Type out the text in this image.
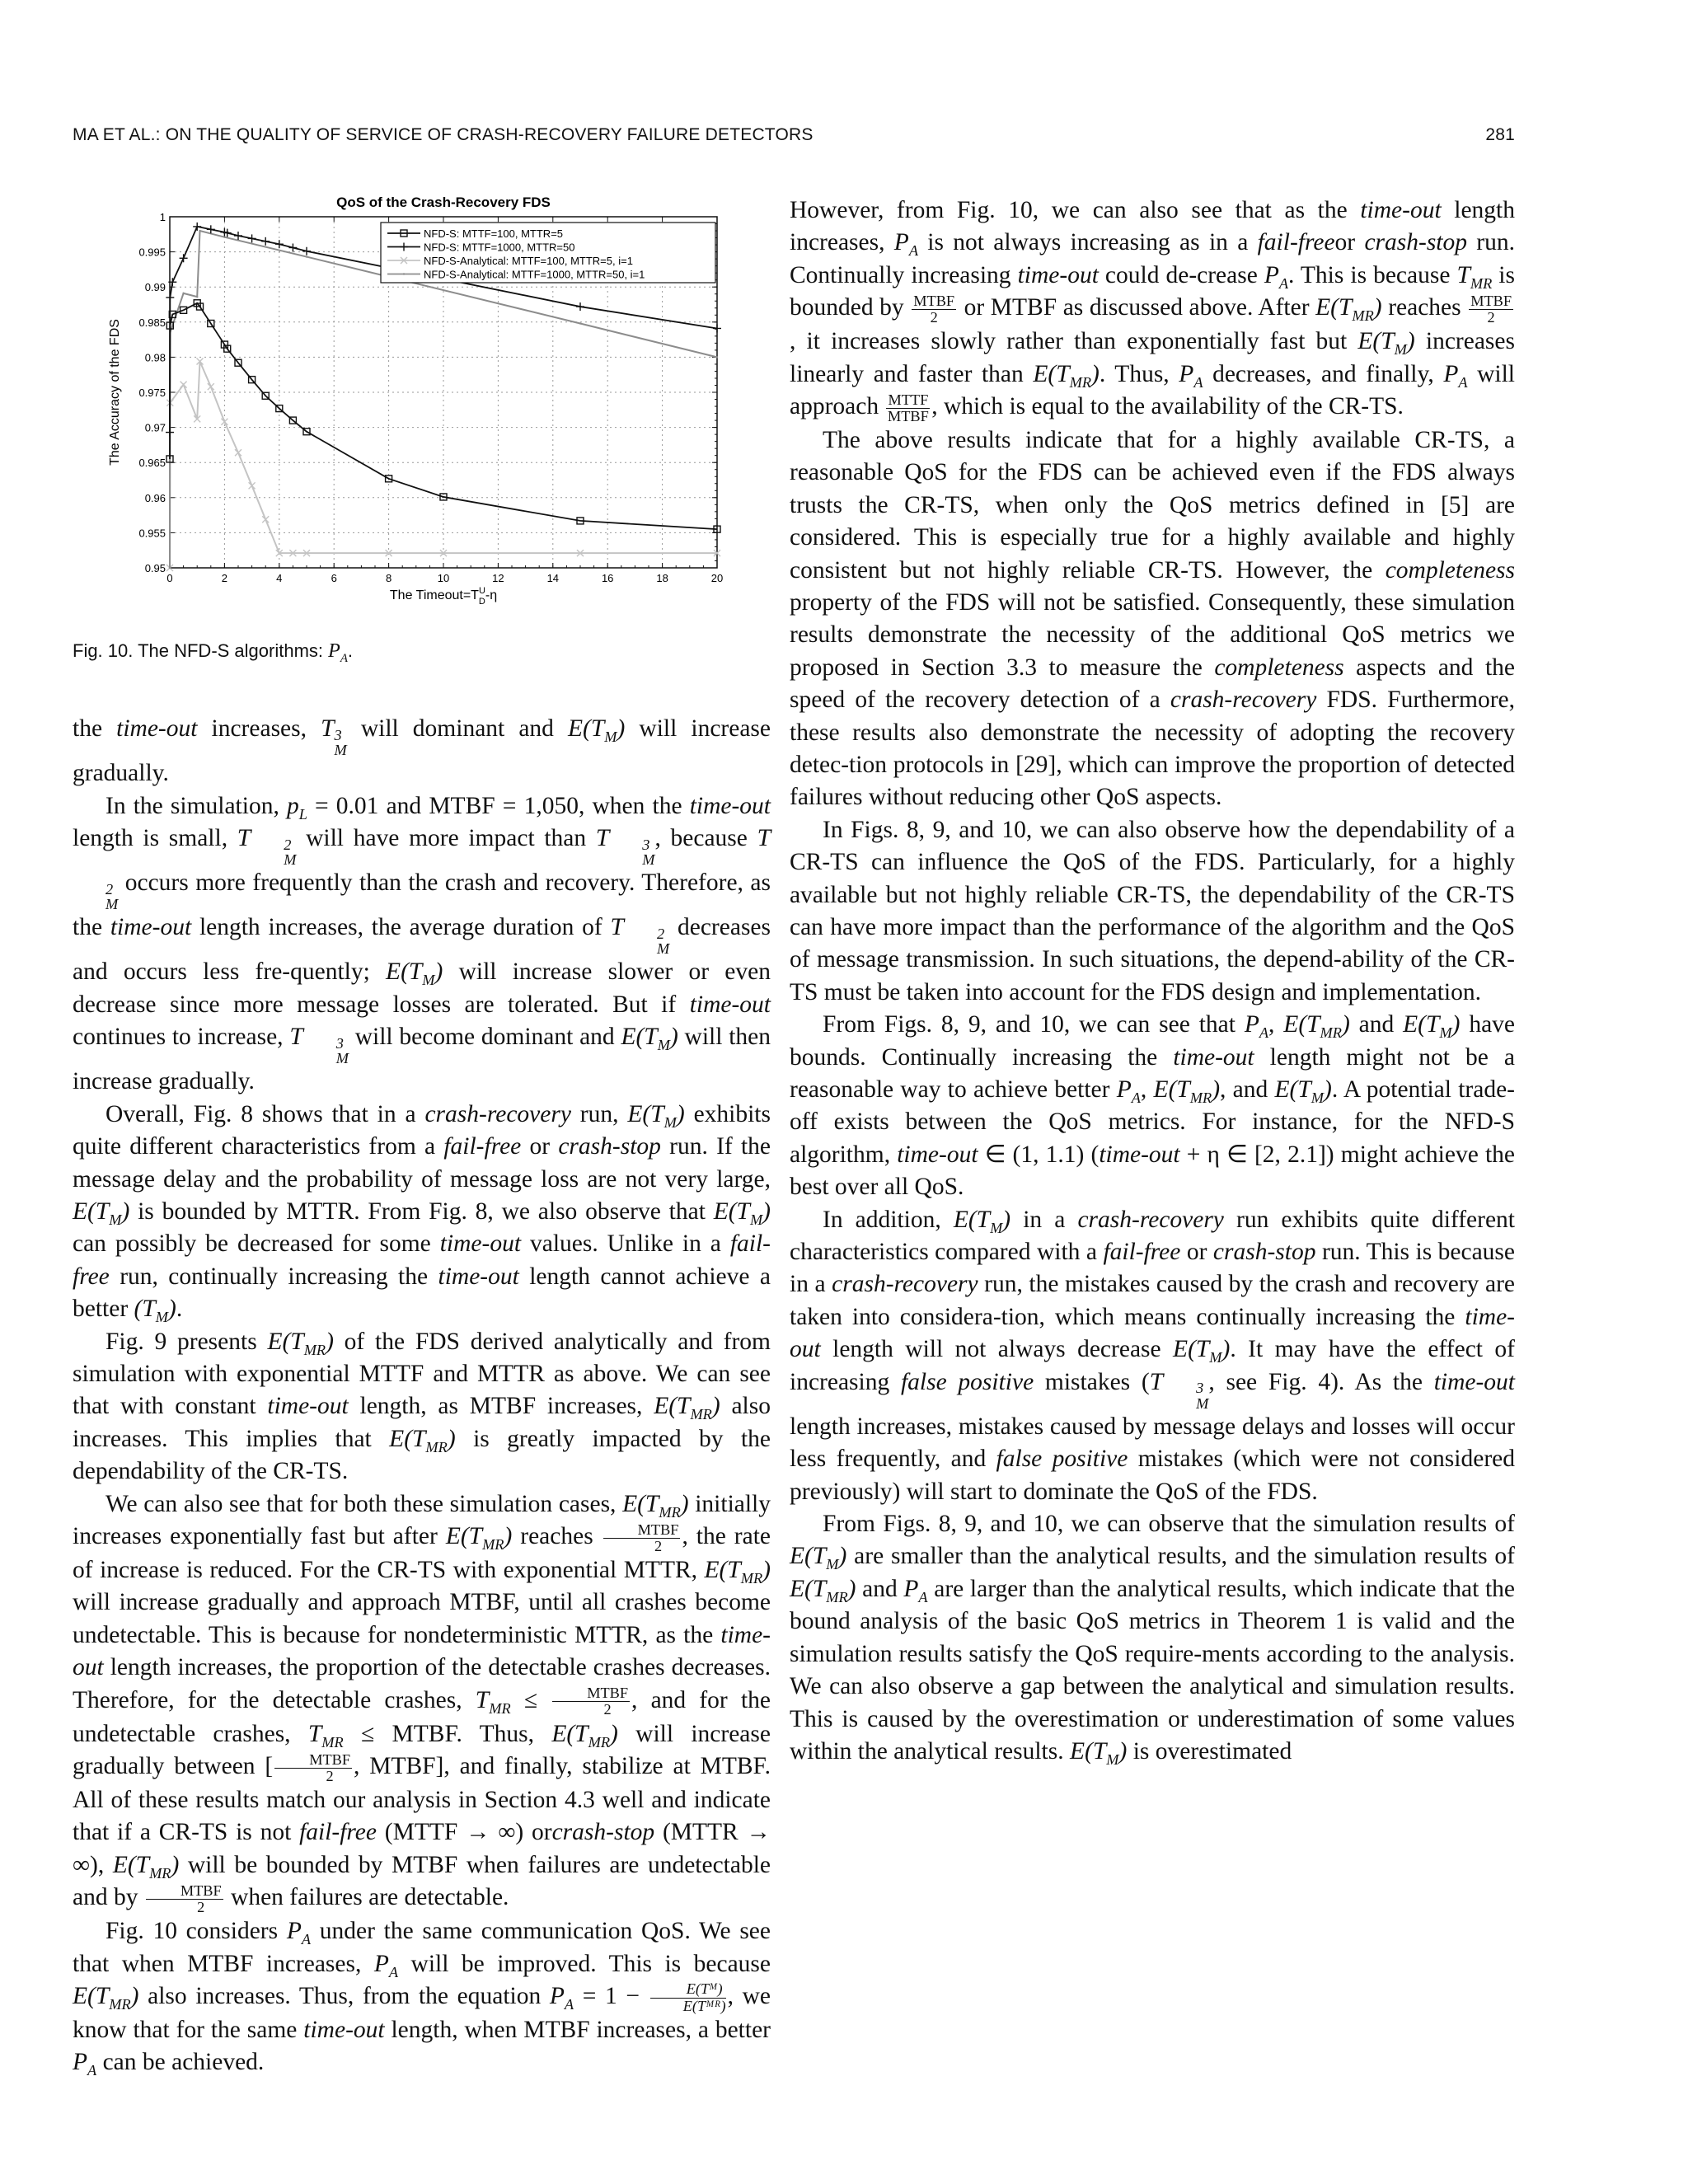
MA ET AL.: ON THE QUALITY OF SERVICE OF CRASH-RECOVERY FAILURE DETECTORS	281
QoS of the Crash-Recovery FDS
0	2	4	6	8	10	12	14	16	18	20
0.95
0.955
0.96
0.965
0.97
0.975
0.98
0.985
0.99
0.995
1
The $Timeout=T^U$ D-η
The Accuracy of the FDS
NFD-S: MTTF=100, MTTR=5
NFD-S: MTTF=1000, MTTR=50
NFD-S-Analytical: MTTF=100, MTTR=5, i=1
NFD-S-Analytical: MTTF=1000, MTTR=50, i=1
Fig. 10. The NFD-S algorithms: $P_A$.

the time-out increases, T 3
M
will dominant and $E(T_M)$ will increase gradually.

In the simulation, $p_L = 0.01$ and MTBF = 1,050, when the time-out length is small, T	2
M
will have more impact than T	3
M
, because T
2
M
occurs more frequently than the crash and recovery. Therefore, as the time-out length increases, the average duration of T	2
M
decreases and occurs less fre-quently; $E(T_M)$ will increase slower or even decrease since more message losses are tolerated. But if time-out continues to increase, T	3
M
will become dominant and $E(T_M)$ will then increase gradually.

Overall, Fig. 8 shows that in a crash-recovery run, $E(T_M)$ exhibits quite different characteristics from a fail-free or crash-stop run. If the message delay and the probability of message loss are not very large, $E(T_M)$ is bounded by MTTR. From Fig. 8, we also observe that $E(T_M)$ can possibly be decreased for some time-out values. Unlike in a fail-free run, continually increasing the time-out length cannot achieve a better $(T_M)$.

Fig. 9 presents $E(T_{MR})$ of the FDS derived analytically and from simulation with exponential MTTF and MTTR as above. We can see that with constant time-out length, as MTBF increases, $E(T_{MR})$ also increases. This implies that $E(T_{MR})$ is greatly impacted by the dependability of the CR-TS.

We can also see that for both these simulation cases, $E(T_{MR})$ initially increases exponentially fast but after $E(T_{MR})$ reaches	MTBF
2 , the rate of increase is reduced. For the CR-TS with exponential MTTR, $E(T_{MR})$ will increase gradually and approach MTBF, until all crashes become undetectable. This is because for nondeterministic MTTR, as the time-out length increases, the proportion of the detectable crashes decreases. Therefore, for the detectable crashes, $T_{MR}$ ≤	MTBF
2 , and for the undetectable crashes, $T_{MR}$ ≤ MTBF. Thus, $E(T_{MR})$ will increase gradually between [	MTBF
2 , MTBF], and finally, stabilize at MTBF. All of these results match our analysis in Section 4.3 well and indicate that if a CR-TS is not fail-free (MTTF → ∞) orcrash-stop (MTTR → ∞), $E(T_{MR})$ will be bounded by MTBF when failures are undetectable and by	MTBF
2 when failures are detectable.

Fig. 10 considers $P_A$ under the same communication QoS. We see that when MTBF increases, $P_A$ will be improved. This is because $E(T_{MR})$ also increases. Thus, from the equation $P_A = 1$ −	E(Tᴹ)
E(Tᴹᴿ) , we know that for the same time-out length, when MTBF increases, a better $P_A$ can be achieved.

However, from Fig. 10, we can also see that as the time-out length increases, $P_A$ is not always increasing as in a fail-freeor crash-stop run. Continually increasing time-out could de-crease $P_A$. This is because $T_{MR}$ is bounded by MTBF
2 or MTBF as discussed above. After $E(T_{MR})$ reaches MTBF
2
, it increases slowly rather than exponentially fast but $E(T_M)$ increases linearly and faster than $E(T_{MR})$. Thus, $P_A$ decreases, and finally, $P_A$ will approach MTTF
MTBF , which is equal to the availability of the CR-TS.

The above results indicate that for a highly available CR-TS, a reasonable QoS for the FDS can be achieved even if the FDS always trusts the CR-TS, when only the QoS metrics defined in [5] are considered. This is especially true for a highly available and highly consistent but not highly reliable CR-TS. However, the completeness property of the FDS will not be satisfied. Consequently, these simulation results demonstrate the necessity of the additional QoS metrics we proposed in Section 3.3 to measure the completeness aspects and the speed of the recovery detection of a crash-recovery FDS. Furthermore, these results also demonstrate the necessity of adopting the recovery detec-tion protocols in [29], which can improve the proportion of detected failures without reducing other QoS aspects.

In Figs. 8, 9, and 10, we can also observe how the dependability of a CR-TS can influence the QoS of the FDS. Particularly, for a highly available but not highly reliable CR-TS, the dependability of the CR-TS can have more impact than the performance of the algorithm and the QoS of message transmission. In such situations, the depend-ability of the CR-TS must be taken into account for the FDS design and implementation.

From Figs. 8, 9, and 10, we can see that $P_A$, $E(T_{MR})$ and $E(T_M)$ have bounds. Continually increasing the time-out length might not be a reasonable way to achieve better $P_A$, $E(T_{MR})$, and $E(T_M)$. A potential trade-off exists between the QoS metrics. For instance, for the NFD-S algorithm, time-out ∈ (1, 1.1) (time-out + η ∈ [2, 2.1]) might achieve the best over all QoS.

In addition, $E(T_M)$ in a crash-recovery run exhibits quite different characteristics compared with a fail-free or crash-stop run. This is because in a crash-recovery run, the mistakes caused by the crash and recovery are taken into considera-tion, which means continually increasing the time-out length will not always decrease $E(T_M)$. It may have the effect of increasing false positive mistakes (T	3
M
, see Fig. 4). As the time-out length increases, mistakes caused by message delays and losses will occur less frequently, and false positive mistakes (which were not considered previously) will start to dominate the QoS of the FDS.

From Figs. 8, 9, and 10, we can observe that the simulation results of $E(T_M)$ are smaller than the analytical results, and the simulation results of $E(T_{MR})$ and $P_A$ are larger than the analytical results, which indicate that the bound analysis of the basic QoS metrics in Theorem 1 is valid and the simulation results satisfy the QoS require-ments according to the analysis. We can also observe a gap between the analytical and simulation results. This is caused by the overestimation or underestimation of some values within the analytical results. $E(T_M)$ is overestimated
